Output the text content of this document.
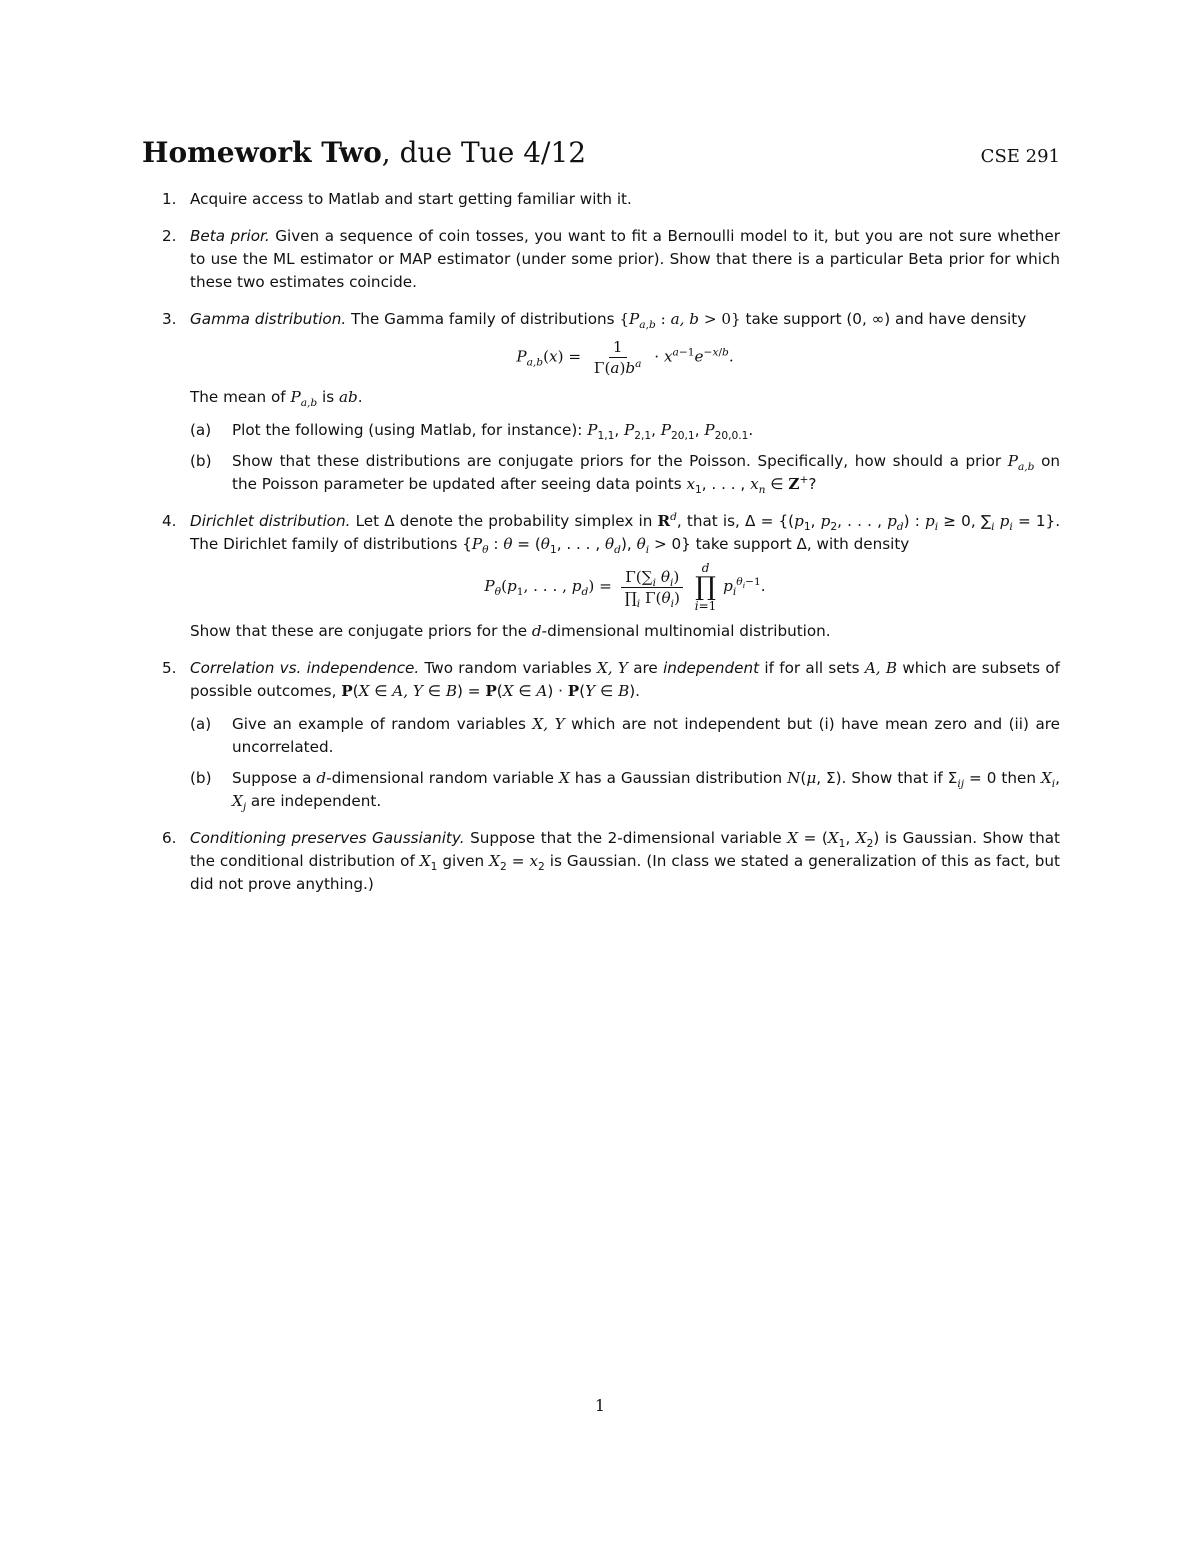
Homework Two, due Tue 4/12	CSE 291
1. Acquire access to Matlab and start getting familiar with it.
2. Beta prior. Given a sequence of coin tosses, you want to fit a Bernoulli model to it, but you are not sure whether to use the ML estimator or MAP estimator (under some prior). Show that there is a particular Beta prior for which these two estimates coincide.
3. Gamma distribution. The Gamma family of distributions {$P_{a,b}$ : a, b > 0} take support (0, ∞) and have density
$P_{a,b}(x) = \frac{1}{\Gamma(a)b^a} \cdot x^{a-1}e^{-x/b}$.
The mean of $P_{a,b}$ is ab.
(a) Plot the following (using Matlab, for instance): $P_{1,1}$, $P_{2,1}$, $P_{20,1}$, $P_{20,0.1}$.
(b) Show that these distributions are conjugate priors for the Poisson. Specifically, how should a prior $P_{a,b}$ on the Poisson parameter be updated after seeing data points $x_1$, . . . , $x_n$ ∈ Z+?
4. Dirichlet distribution. Let Δ denote the probability simplex in $R^d$, that is, $\Delta = \{(p_1$, $p_2$, . . . , $p_d$) : $p_i \ge 0$, $\sum_i$ $p_i = 1$}. The Dirichlet family of distributions {$P_\theta$ : $\theta = (\theta_1$, . . . , $\theta_d$), $\theta_i > 0$} take support Δ, with density
$P_\theta(p_1$, . . . , $p_d) = \frac{\Gamma(\sum_i \theta_i)}{\prod_i \Gamma(\theta_i)}$
d
∏
i=1
$p_i^{\theta_i-1}$.
Show that these are conjugate priors for the d-dimensional multinomial distribution.
5. Correlation vs. independence. Two random variables X, Y are independent if for all sets A, B which are subsets of possible outcomes, P(X ∈ A, Y ∈ B) = P(X ∈ A) · P(Y ∈ B).
(a) Give an example of random variables X, Y which are not independent but (i) have mean zero and (ii) are uncorrelated.
(b) Suppose a d-dimensional random variable X has a Gaussian distribution N(μ, Σ). Show that if $\Sigma_{ij} = 0$ then $X_i$, $X_j$ are independent.
6. Conditioning preserves Gaussianity. Suppose that the 2-dimensional variable $X = (X_1$, $X_2$) is Gaussian. Show that the conditional distribution of $X_1$ given $X_2 = x_2$ is Gaussian. (In class we stated a generalization of this as fact, but did not prove anything.)
1
